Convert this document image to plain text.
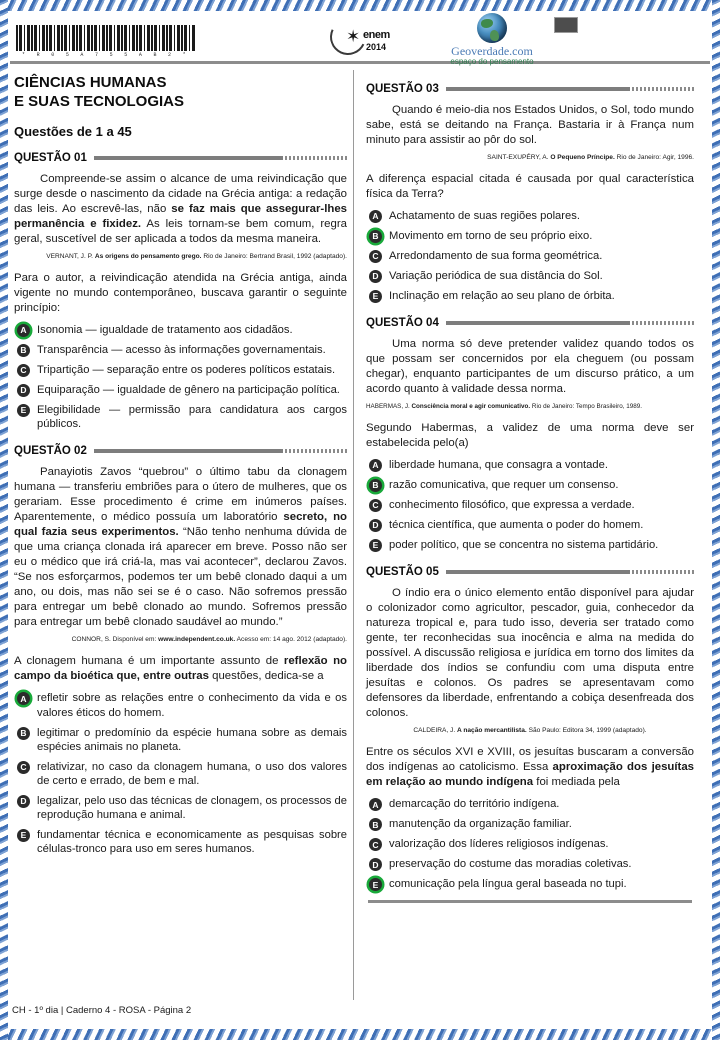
* R 0 5 A 7 5 5 A B 2 *
✶ enem
2014	Geoverdade.com
espaço do pensamento
CIÊNCIAS HUMANAS
E SUAS TECNOLOGIAS
Questões de 1 a 45
QUESTÃO 01

Compreende-se assim o alcance de uma reivindicação que surge desde o nascimento da cidade na Grécia antiga: a redação das leis. Ao escrevê-las, não se faz mais que assegurar-lhes permanência e fixidez. As leis tornam-se bem comum, regra geral, suscetível de ser aplicada a todos da mesma maneira.

VERNANT, J. P. As origens do pensamento grego. Rio de Janeiro: Bertrand Brasil, 1992 (adaptado).

Para o autor, a reivindicação atendida na Grécia antiga, ainda vigente no mundo contemporâneo, buscava garantir o seguinte princípio:

A Isonomia — igualdade de tratamento aos cidadãos.
B Transparência — acesso às informações governamentais.
C Tripartição — separação entre os poderes políticos estatais.
D Equiparação — igualdade de gênero na participação política.
E Elegibilidade — permissão para candidatura aos cargos públicos.
QUESTÃO 02

Panayiotis Zavos “quebrou” o último tabu da clonagem humana — transferiu embriões para o útero de mulheres, que os gerariam. Esse procedimento é crime em inúmeros países. Aparentemente, o médico possuía um laboratório secreto, no qual fazia seus experimentos. “Não tenho nenhuma dúvida de que uma criança clonada irá aparecer em breve. Posso não ser eu o médico que irá criá-la, mas vai acontecer”, declarou Zavos. “Se nos esforçarmos, podemos ter um bebê clonado daqui a um ano, ou dois, mas não sei se é o caso. Não sofremos pressão para entregar um bebê clonado ao mundo. Sofremos pressão para entregar um bebê clonado saudável ao mundo.”

CONNOR, S. Disponível em: www.independent.co.uk. Acesso em: 14 ago. 2012 (adaptado).

A clonagem humana é um importante assunto de reflexão no campo da bioética que, entre outras questões, dedica-se a

A refletir sobre as relações entre o conhecimento da vida e os valores éticos do homem.
B legitimar o predomínio da espécie humana sobre as demais espécies animais no planeta.
C relativizar, no caso da clonagem humana, o uso dos valores de certo e errado, de bem e mal.
D legalizar, pelo uso das técnicas de clonagem, os processos de reprodução humana e animal.
E fundamentar técnica e economicamente as pesquisas sobre células-tronco para uso em seres humanos.
QUESTÃO 03

Quando é meio-dia nos Estados Unidos, o Sol, todo mundo sabe, está se deitando na França. Bastaria ir à França num minuto para assistir ao pôr do sol.

SAINT-EXUPÉRY, A. O Pequeno Príncipe. Rio de Janeiro: Agir, 1996.

A diferença espacial citada é causada por qual característica física da Terra?

A Achatamento de suas regiões polares.
B Movimento em torno de seu próprio eixo.
C Arredondamento de sua forma geométrica.
D Variação periódica de sua distância do Sol.
E Inclinação em relação ao seu plano de órbita.
QUESTÃO 04

Uma norma só deve pretender validez quando todos os que possam ser concernidos por ela cheguem (ou possam chegar), enquanto participantes de um discurso prático, a um acordo quanto à validade dessa norma.

HABERMAS, J. Consciência moral e agir comunicativo. Rio de Janeiro: Tempo Brasileiro, 1989.

Segundo Habermas, a validez de uma norma deve ser estabelecida pelo(a)

A liberdade humana, que consagra a vontade.
B razão comunicativa, que requer um consenso.
C conhecimento filosófico, que expressa a verdade.
D técnica científica, que aumenta o poder do homem.
E poder político, que se concentra no sistema partidário.
QUESTÃO 05

O índio era o único elemento então disponível para ajudar o colonizador como agricultor, pescador, guia, conhecedor da natureza tropical e, para tudo isso, deveria ser tratado como gente, ter reconhecidas sua inocência e alma na medida do possível. A discussão religiosa e jurídica em torno dos limites da liberdade dos índios se confundiu com uma disputa entre jesuítas e colonos. Os padres se apresentavam como defensores da liberdade, enfrentando a cobiça desenfreada dos colonos.

CALDEIRA, J. A nação mercantilista. São Paulo: Editora 34, 1999 (adaptado).

Entre os séculos XVI e XVIII, os jesuítas buscaram a conversão dos indígenas ao catolicismo. Essa aproximação dos jesuítas em relação ao mundo indígena foi mediada pela

A demarcação do território indígena.
B manutenção da organização familiar.
C valorização dos líderes religiosos indígenas.
D preservação do costume das moradias coletivas.
E comunicação pela língua geral baseada no tupi.
CH - 1º dia | Caderno 4 - ROSA - Página 2
